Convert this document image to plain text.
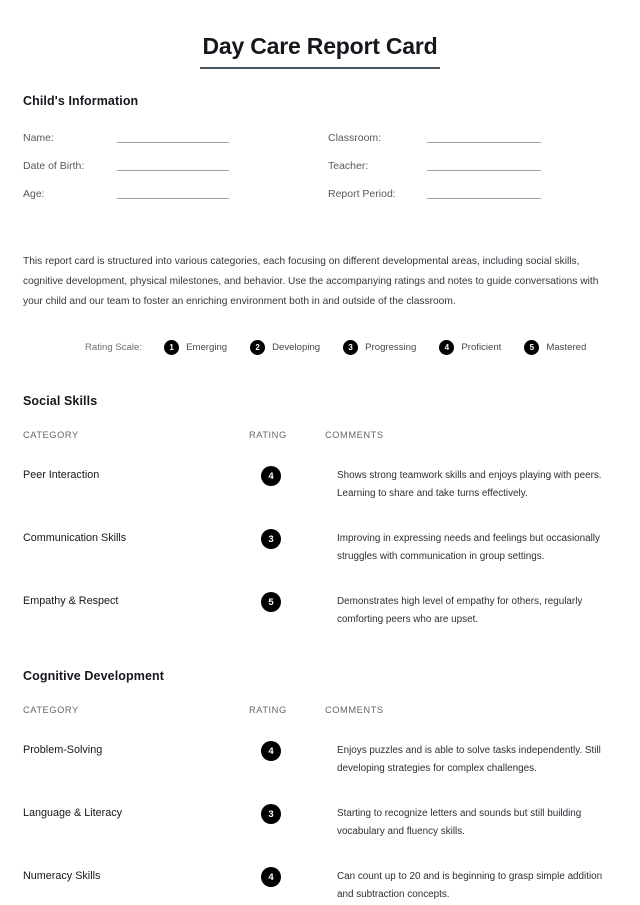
Day Care Report Card
Child's Information
Name:
Date of Birth:
Age:
Classroom:
Teacher:
Report Period:

This report card is structured into various categories, each focusing on different developmental areas, including social skills, cognitive development, physical milestones, and behavior. Use the accompanying ratings and notes to guide conversations with your child and our team to foster an enriching environment both in and outside of the classroom.

Rating Scale:	1	Emerging	2	Developing	3	Progressing	4	Proficient	5	Mastered
Social Skills
CATEGORY	RATING	COMMENTS
Peer Interaction	4	Shows strong teamwork skills and enjoys playing with peers. Learning to share and take turns effectively.
Communication Skills	3	Improving in expressing needs and feelings but occasionally struggles with communication in group settings.
Empathy & Respect	5	Demonstrates high level of empathy for others, regularly comforting peers who are upset.
Cognitive Development
CATEGORY	RATING	COMMENTS
Problem-Solving	4	Enjoys puzzles and is able to solve tasks independently. Still developing strategies for complex challenges.
Language & Literacy	3	Starting to recognize letters and sounds but still building vocabulary and fluency skills.
Numeracy Skills	4	Can count up to 20 and is beginning to grasp simple addition and subtraction concepts.
